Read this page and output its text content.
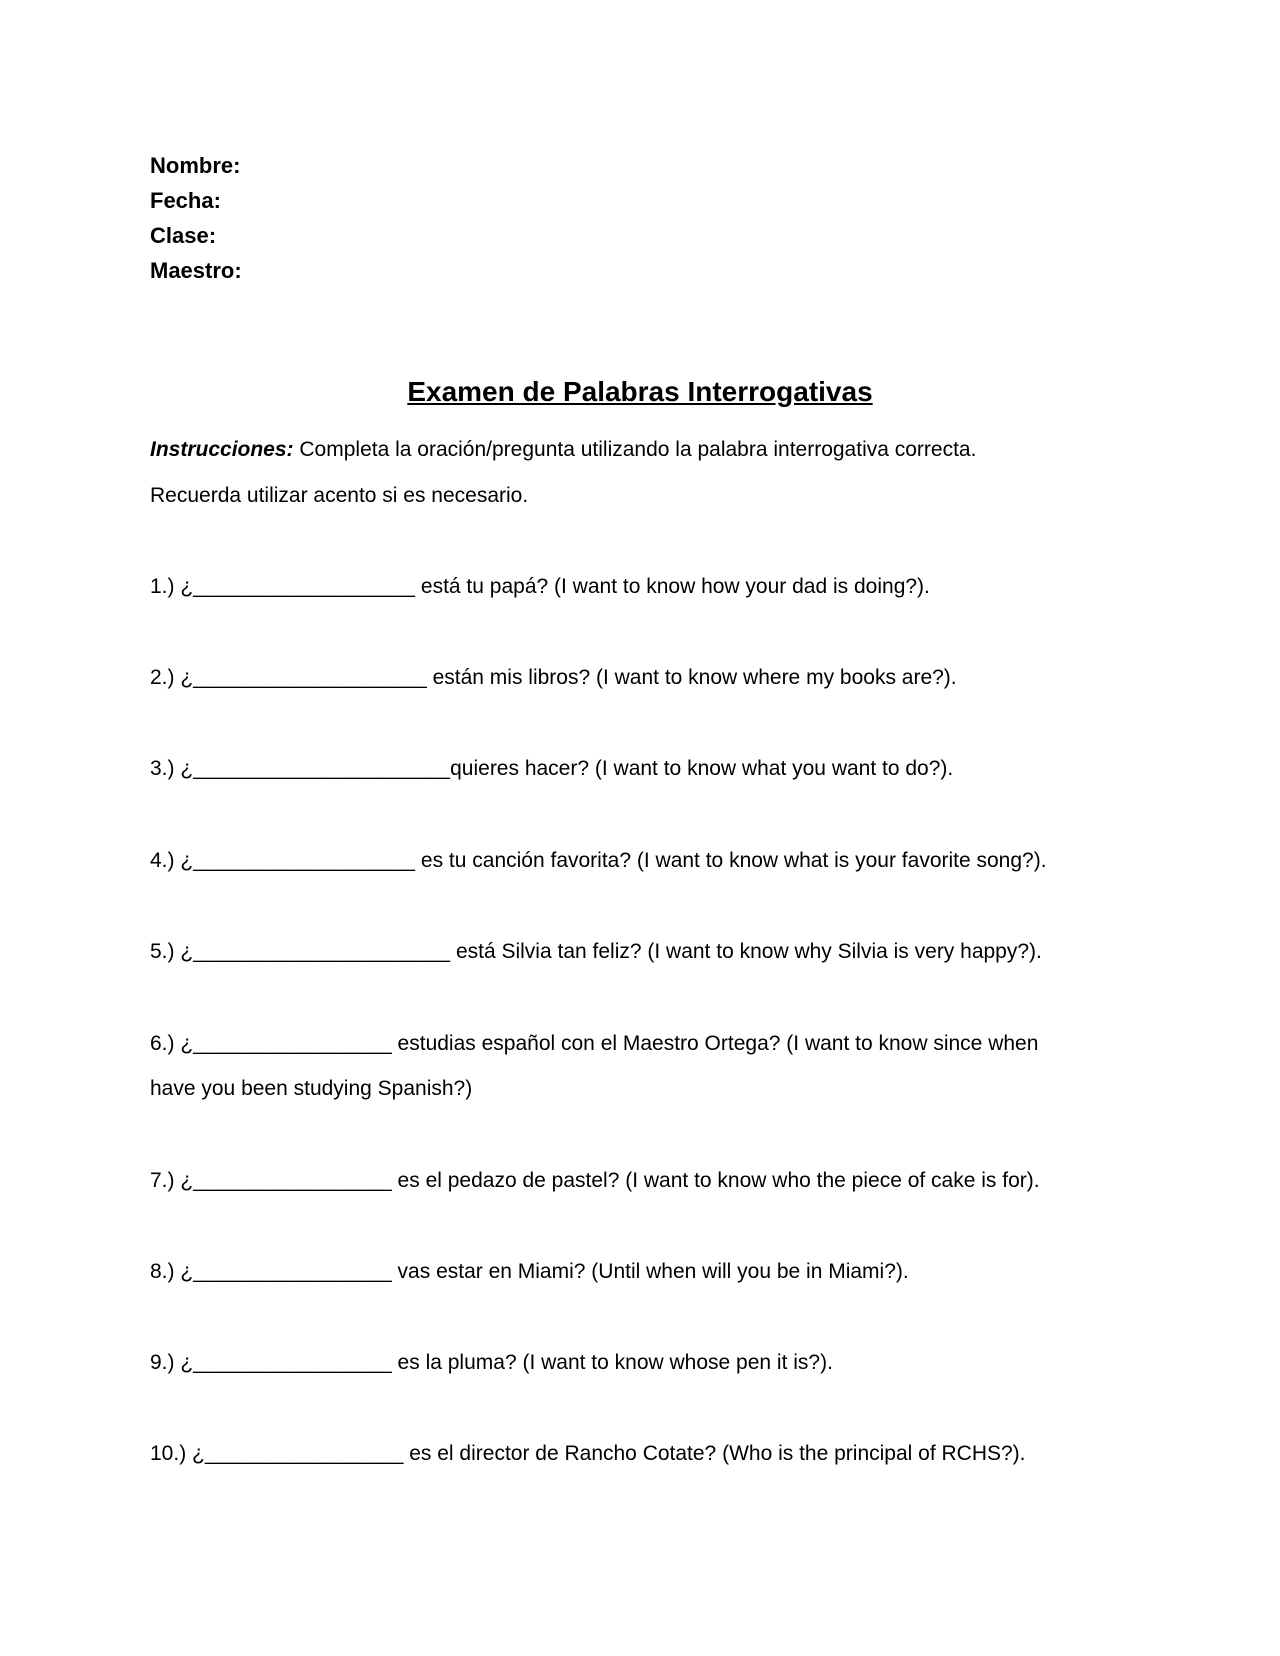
Nombre:
Fecha:
Clase:
Maestro:
Examen de Palabras Interrogativas
Instrucciones: Completa la oración/pregunta utilizando la palabra interrogativa correcta.
Recuerda utilizar acento si es necesario.
1.) ¿___________________ está tu papá? (I want to know how your dad is doing?).
2.) ¿____________________ están mis libros? (I want to know where my books are?).
3.) ¿______________________quieres hacer? (I want to know what you want to do?).
4.) ¿___________________ es tu canción favorita? (I want to know what is your favorite song?).
5.) ¿______________________ está Silvia tan feliz? (I want to know why Silvia is very happy?).
6.) ¿_________________ estudias español con el Maestro Ortega? (I want to know since when
have you been studying Spanish?)
7.) ¿_________________ es el pedazo de pastel? (I want to know who the piece of cake is for).
8.) ¿_________________ vas estar en Miami? (Until when will you be in Miami?).
9.) ¿_________________ es la pluma? (I want to know whose pen it is?).
10.) ¿_________________ es el director de Rancho Cotate? (Who is the principal of RCHS?).
